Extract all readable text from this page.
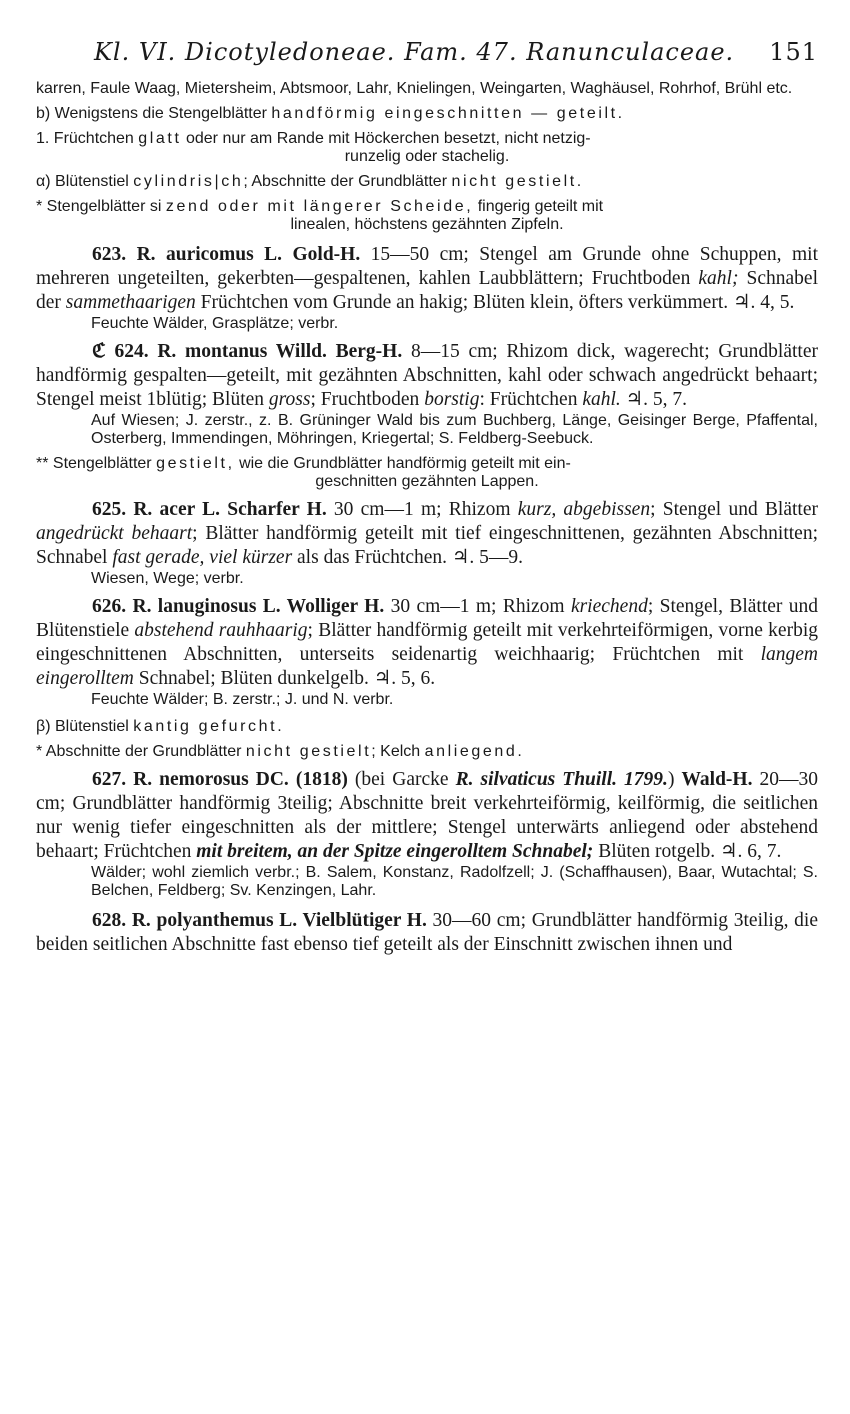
Kl. VI. Dicotyledoneae. Fam. 47. Ranunculaceae. 151
karren, Faule Waag, Mietersheim, Abtsmoor, Lahr, Knielingen, Weingarten, Waghäusel, Rohrhof, Brühl etc.
b) Wenigstens die Stengelblätter handförmig eingeschnitten — geteilt.
1. Früchtchen glatt oder nur am Rande mit Höckerchen besetzt, nicht netzig-
runzelig oder stachelig.
α) Blütenstiel cylindris|ch; Abschnitte der Grundblätter nicht gestielt.
* Stengelblätter si zend oder mit längerer Scheide, fingerig geteilt mit
linealen, höchstens gezähnten Zipfeln.
623. R. auricomus L. Gold-H. 15—50 cm; Stengel am Grunde ohne Schuppen, mit mehreren ungeteilten, gekerbten—gespaltenen, kahlen Laubblättern; Fruchtboden kahl; Schnabel der sammethaarigen Früchtchen vom Grunde an hakig; Blüten klein, öfters verkümmert. ♃. 4, 5.
Feuchte Wälder, Grasplätze; verbr.
ℭ 624. R. montanus Willd. Berg-H. 8—15 cm; Rhizom dick, wagerecht; Grundblätter handförmig gespalten—geteilt, mit gezähnten Abschnitten, kahl oder schwach angedrückt behaart; Stengel meist 1blütig; Blüten gross; Fruchtboden borstig: Früchtchen kahl. ♃. 5, 7.
Auf Wiesen; J. zerstr., z. B. Grüninger Wald bis zum Buchberg, Länge, Geisinger Berge, Pfaffental, Osterberg, Immendingen, Möhringen, Kriegertal; S. Feldberg-Seebuck.
** Stengelblätter gestielt, wie die Grundblätter handförmig geteilt mit ein-
geschnitten gezähnten Lappen.
625. R. acer L. Scharfer H. 30 cm—1 m; Rhizom kurz, abgebissen; Stengel und Blätter angedrückt behaart; Blätter handförmig geteilt mit tief eingeschnittenen, gezähnten Abschnitten; Schnabel fast gerade, viel kürzer als das Früchtchen. ♃. 5—9.
Wiesen, Wege; verbr.
626. R. lanuginosus L. Wolliger H. 30 cm—1 m; Rhizom kriechend; Stengel, Blätter und Blütenstiele abstehend rauhhaarig; Blätter handförmig geteilt mit verkehrteiförmigen, vorne kerbig eingeschnittenen Abschnitten, unterseits seidenartig weichhaarig; Früchtchen mit langem eingerolltem Schnabel; Blüten dunkelgelb. ♃. 5, 6.
Feuchte Wälder; B. zerstr.; J. und N. verbr.
β) Blütenstiel kantig gefurcht.
* Abschnitte der Grundblätter nicht gestielt; Kelch anliegend.
627. R. nemorosus DC. (1818) (bei Garcke R. silvaticus Thuill. 1799.) Wald-H. 20—30 cm; Grundblätter handförmig 3teilig; Abschnitte breit verkehrteiförmig, keilförmig, die seitlichen nur wenig tiefer eingeschnitten als der mittlere; Stengel unterwärts anliegend oder abstehend behaart; Früchtchen mit breitem, an der Spitze eingerolltem Schnabel; Blüten rotgelb. ♃. 6, 7.
Wälder; wohl ziemlich verbr.; B. Salem, Konstanz, Radolfzell; J. (Schaffhausen), Baar, Wutachtal; S. Belchen, Feldberg; Sv. Kenzingen, Lahr.
628. R. polyanthemus L. Vielblütiger H. 30—60 cm; Grundblätter handförmig 3teilig, die beiden seitlichen Abschnitte fast ebenso tief geteilt als der Einschnitt zwischen ihnen und
